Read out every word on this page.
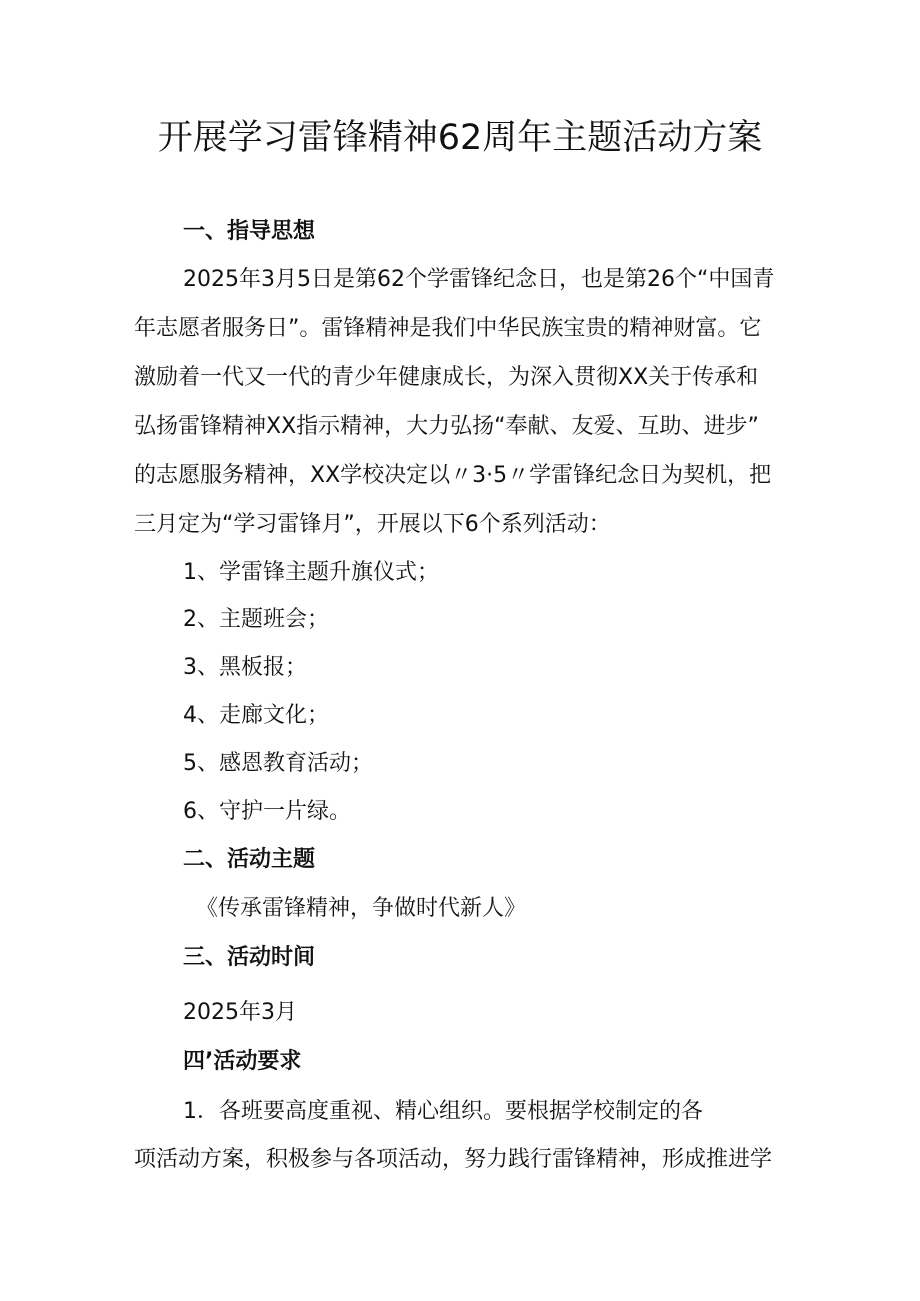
开展学习雷锋精神62周年主题活动方案

一、指导思想

2025年3月5日是第62个学雷锋纪念日，也是第26个“中国青

年志愿者服务日”。雷锋精神是我们中华民族宝贵的精神财富。它

激励着一代又一代的青少年健康成长，为深入贯彻XX关于传承和

弘扬雷锋精神XX指示精神，大力弘扬“奉献、友爱、互助、进步”

的志愿服务精神，XX学校决定以〃3·5〃学雷锋纪念日为契机，把

三月定为“学习雷锋月”，开展以下6个系列活动：

1、学雷锋主题升旗仪式；

2、主题班会；

3、黑板报；

4、走廊文化；

5、感恩教育活动；

6、守护一片绿。

二、活动主题

《传承雷锋精神，争做时代新人》

三、活动时间

2025年3月

四’活动要求

1．各班要高度重视、精心组织。要根据学校制定的各

项活动方案，积极参与各项活动，努力践行雷锋精神，形成推进学
